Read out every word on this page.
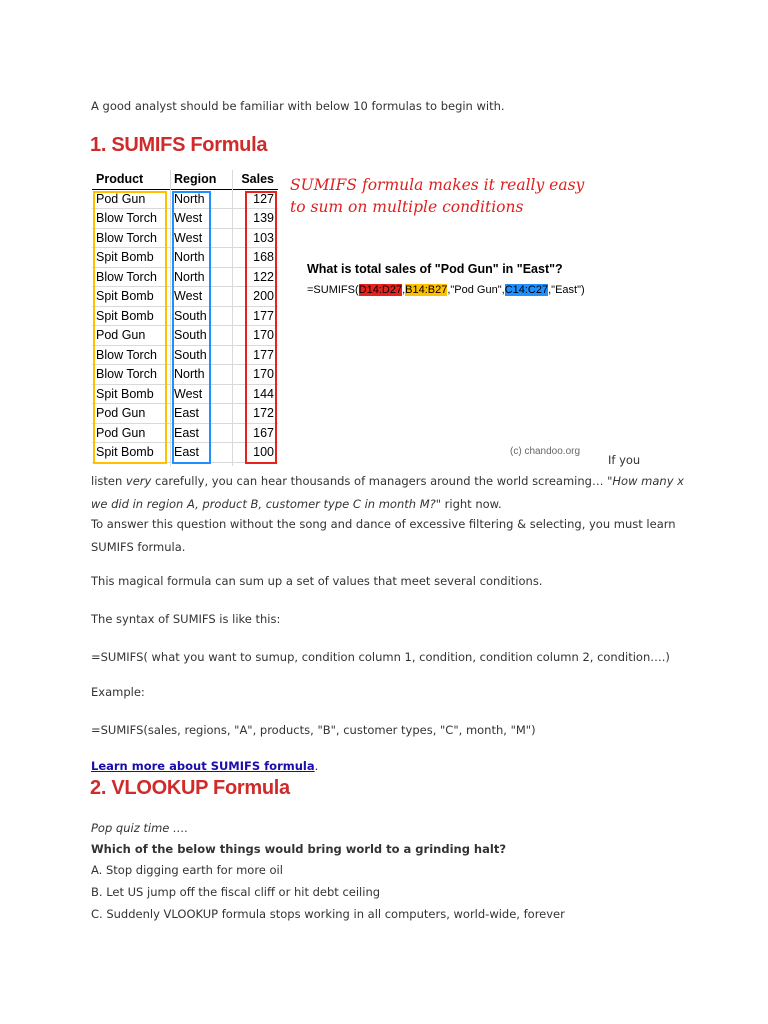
A good analyst should be familiar with below 10 formulas to begin with.
1. SUMIFS Formula
Product Region	Sales
Pod Gun North	127
Blow Torch West	139
Blow Torch West	103
Spit Bomb North	168
Blow Torch North	122
Spit Bomb West	200
Spit Bomb South	177
Pod Gun South	170
Blow Torch South	177
Blow Torch North	170
Spit Bomb West	144
Pod Gun East	172
Pod Gun East	167
Spit Bomb East	100
SUMIFS formula makes it really easy
to sum on multiple conditions
What is total sales of "Pod Gun" in "East"?
=SUMIFS(D14:D27,B14:B27,"Pod Gun",C14:C27,"East")
(c) chandoo.org
If you
listen very carefully, you can hear thousands of managers around the world screaming… "How many x
we did in region A, product B, customer type C in month M?" right now.
To answer this question without the song and dance of excessive filtering & selecting, you must learn
SUMIFS formula.
This magical formula can sum up a set of values that meet several conditions.
The syntax of SUMIFS is like this:
=SUMIFS( what you want to sumup, condition column 1, condition, condition column 2, condition….)
Example:
=SUMIFS(sales, regions, "A", products, "B", customer types, "C", month, "M")
Learn more about SUMIFS formula.
2. VLOOKUP Formula
Pop quiz time ….
Which of the below things would bring world to a grinding halt?
A. Stop digging earth for more oil
B. Let US jump off the fiscal cliff or hit debt ceiling
C. Suddenly VLOOKUP formula stops working in all computers, world-wide, forever
